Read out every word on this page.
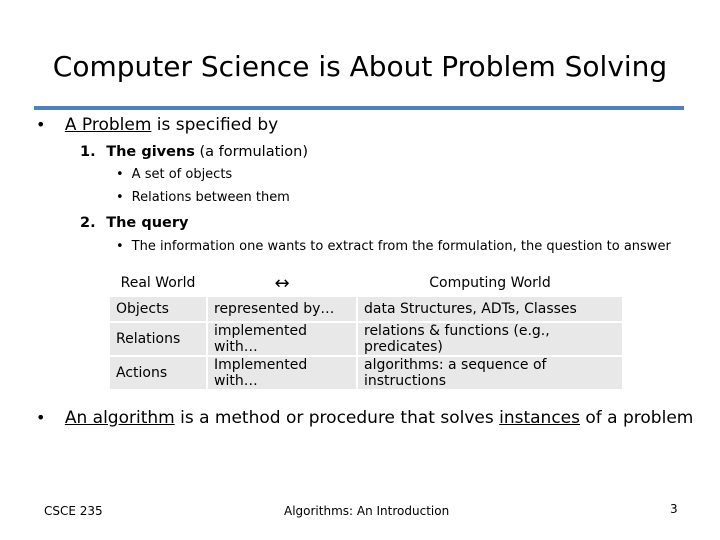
Computer Science is About Problem Solving
• A Problem is specified by
1. The givens (a formulation)
• A set of objects
• Relations between them
2. The query
• The information one wants to extract from the formulation, the question to answer
Real World	↔	Computing World
Objects	represented by…	data Structures, ADTs, Classes
Relations	implemented with…	relations & functions (e.g., predicates)
Actions	Implemented with…	algorithms: a sequence of instructions
• An algorithm is a method or procedure that solves instances of a problem
CSCE 235	Algorithms: An Introduction	3
